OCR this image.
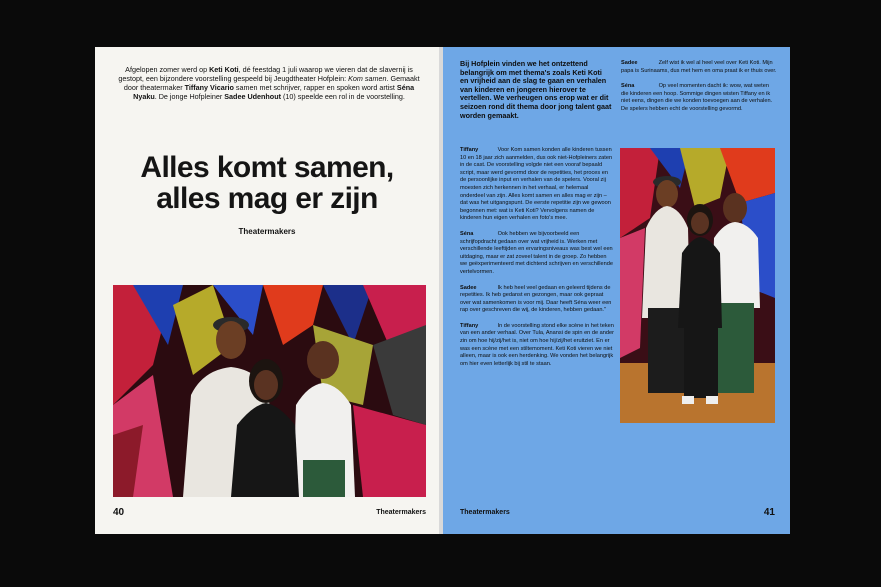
Afgelopen zomer werd op Keti Koti, dé feestdag 1 juli waarop we vieren dat de slavernij is gestopt, een bijzondere voorstelling gespeeld bij Jeugdtheater Hofplein: Kom samen. Gemaakt door theatermaker Tiffany Vicario samen met schrijver, rapper en spoken word artist Séna Nyaku. De jonge Hofpleiner Sadee Udenhout (10) speelde een rol in de voorstelling.

Alles komt samen,
alles mag er zijn
Theatermakers
40	Theatermakers
Bij Hofplein vinden we het ontzettend belangrijk om met thema's zoals Keti Koti en vrijheid aan de slag te gaan en verhalen van kinderen en jongeren hierover te vertellen. We verheugen ons erop wat er dit seizoen rond dit thema door jong talent gaat worden gemaakt.

Tiffany	Voor Kom samen konden alle kinderen tussen 10 en 18 jaar zich aanmelden, dus ook niet-Hofpleiners zaten in de cast. De voorstelling volgde niet een vooraf bepaald script, maar werd gevormd door de repetities, het proces en de persoonlijke input en verhalen van de spelers. Vooral zij moesten zich herkennen in het verhaal, er helemaal onderdeel van zijn. Alles komt samen en alles mag er zijn – dat was het uitgangspunt. De eerste repetitie zijn we gewoon begonnen met: wat is Keti Koti? Vervolgens namen de kinderen hun eigen verhalen en foto's mee.

Séna	Ook hebben we bijvoorbeeld een schrijfopdracht gedaan over wat vrijheid is. Werken met verschillende leeftijden en ervaringsniveaus was best wel een uitdaging, maar er zat zoveel talent in de groep. Zo hebben we geëxperimenteerd met dichtend schrijven en verschillende vertelvormen.

Sadee	Ik heb heel veel gedaan en geleerd tijdens de repetities. Ik heb gedanst en gezongen, maar ook gepraat over wat samenkomen is voor mij. Daar heeft Séna weer een rap over geschreven die wij, de kinderen, hebben gedaan."

Tiffany	In de voorstelling stond elke scène in het teken van een ander verhaal. Over Tula, Anansi de spin en de ander zin om hoe hij/zij/het is, niet om hoe hij/zij/het eruitziet. En er was een scène met een stiltemoment. Keti Koti vieren we niet alleen, maar is ook een herdenking. We vonden het belangrijk om hier even letterlijk bij stil te staan.

Sadee	Zelf wist ik wel al heel veel over Keti Koti. Mijn papa is Surinaams, dus met hem en oma praat ik er thuis over.

Séna	Op veel momenten dacht ik: wow, wat weten die kinderen een hoop. Sommige dingen wisten Tiffany en ik niet eens, dingen die we konden toevoegen aan de verhalen. De spelers hebben echt de voorstelling gevormd.

Theatermakers	41
